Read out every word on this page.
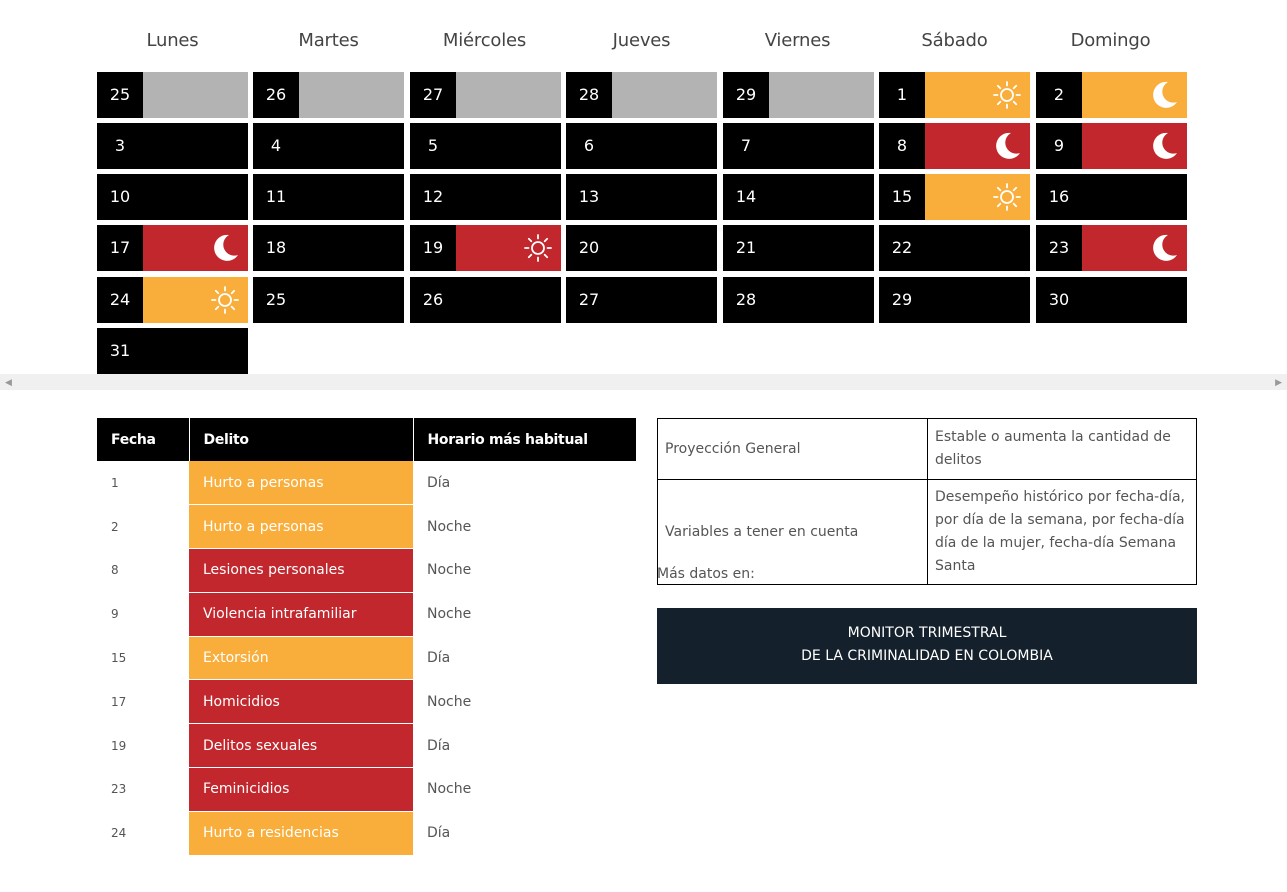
Lunes	Martes	Miércoles	Jueves	Viernes	Sábado	Domingo
25	26	27	28	29	1	2
3	4	5	6	7	8	9
10	11	12	13	14	15	16
17	18	19	20	21	22	23
24	25	26	27	28	29	30
31
◀	▶
Fecha	Delito	Horario más habitual
1	Hurto a personas	Día
2	Hurto a personas	Noche
8	Lesiones personales	Noche
9	Violencia intrafamiliar	Noche
15	Extorsión	Día
17	Homicidios	Noche
19	Delitos sexuales	Día
23	Feminicidios	Noche
24	Hurto a residencias	Día
Proyección General	Estable o aumenta la cantidad de delitos
Variables a tener en cuenta	Desempeño histórico por fecha-día, por día de la semana, por fecha-día día de la mujer, fecha-día Semana Santa
Más datos en:
MONITOR TRIMESTRAL
DE LA CRIMINALIDAD EN COLOMBIA
